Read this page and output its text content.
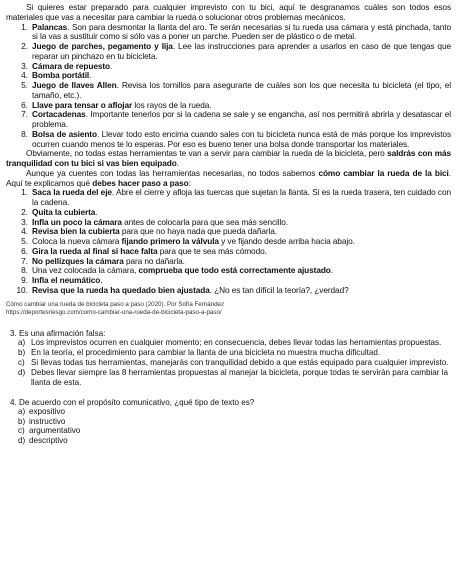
Si quieres estar preparado para cualquier imprevisto con tu bici, aquí te desgranamos cuáles son todos esos materiales que vas a necesitar para cambiar la rueda o solucionar otros problemas mecánicos.

1. Palancas. Son para desmontar la llanta del aro. Te serán necesarias si tu rueda usa cámara y está pinchada, tanto si la vas a sustituir como si sólo vas a poner un parche. Pueden ser de plástico o de metal.
2. Juego de parches, pegamento y lija. Lee las instrucciones para aprender a usarlos en caso de que tengas que reparar un pinchazo en tu bicicleta.
3. Cámara de repuesto.
4. Bomba portátil.
5. Juego de llaves Allen. Revisa los tornillos para asegurarte de cuáles son los que necesita tu bicicleta (el tipo, el tamaño, etc.).
6. Llave para tensar o aflojar los rayos de la rueda.
7. Cortacadenas. Importante tenerlos por si la cadena se sale y se engancha, así nos permitirá abrirla y desatascar el problema.
8. Bolsa de asiento. Llevar todo esto encima cuando sales con tu bicicleta nunca está de más porque los imprevistos ocurren cuando menos te lo esperas. Por eso es bueno tener una bolsa donde transportar los materiales.

Obviamente, no todas estas herramientas te van a servir para cambiar la rueda de la bicicleta, pero saldrás con más tranquilidad con tu bici si vas bien equipado.

Aunque ya cuentes con todas las herramientas necesarias, no todos sabemos cómo cambiar la rueda de la bici. Aquí te explicamos qué debes hacer paso a paso:

1. Saca la rueda del eje. Abre el cierre y afloja las tuercas que sujetan la llanta. Si es la rueda trasera, ten cuidado con la cadena.
2. Quita la cubierta.
3. Infla un poco la cámara antes de colocarla para que sea más sencillo.
4. Revisa bien la cubierta para que no haya nada que pueda dañarla.
5. Coloca la nueva cámara fijando primero la válvula y ve fijando desde arriba hacia abajo.
6. Gira la rueda al final si hace falta para que te sea más cómodo.
7. No pellizques la cámara para no dañarla.
8. Una vez colocada la cámara, comprueba que todo está correctamente ajustado.
9. Infla el neumático.
10. Revisa que la rueda ha quedado bien ajustada. ¿No es tan difícil la teoría?, ¿verdad?
Cómo cambiar una rueda de bicicleta paso a paso (2020). Por Sofía Fernández
https://deportesriesgo.com/como-cambiar-una-rueda-de-bicicleta-paso-a-paso/
3. Es una afirmación falsa:
a) Los imprevistos ocurren en cualquier momento; en consecuencia, debes llevar todas las herramientas propuestas.
b) En la teoría, el procedimiento para cambiar la llanta de una bicicleta no muestra mucha dificultad.
c) Si llevas todas tus herramientas, manejarás con tranquilidad debido a que estás equipado para cualquier imprevisto.
d) Debes llevar siempre las 8 herramientas propuestas al manejar la bicicleta, porque todas te servirán para cambiar la llanta de esta.
4. De acuerdo con el propósito comunicativo, ¿qué tipo de texto es?
a) expositivo
b) instructivo
c) argumentativo
d) descriptivo
